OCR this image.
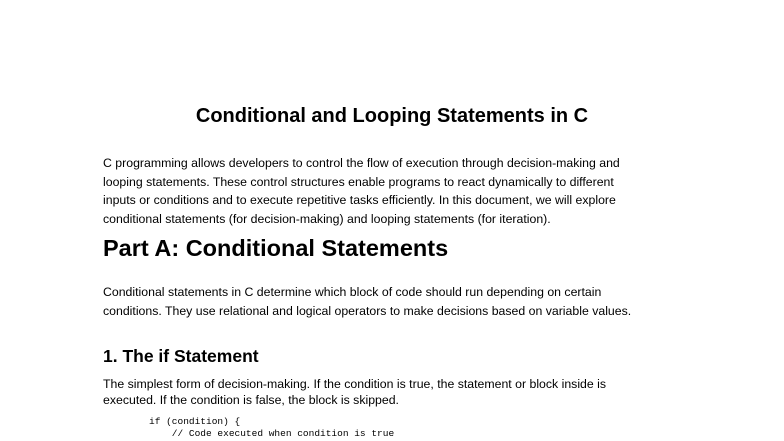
Conditional and Looping Statements in C
C programming allows developers to control the flow of execution through decision-making and
looping statements. These control structures enable programs to react dynamically to different
inputs or conditions and to execute repetitive tasks efficiently. In this document, we will explore
conditional statements (for decision-making) and looping statements (for iteration).
Part A: Conditional Statements
Conditional statements in C determine which block of code should run depending on certain
conditions. They use relational and logical operators to make decisions based on variable values.
1. The if Statement
The simplest form of decision-making. If the condition is true, the statement or block inside is
executed. If the condition is false, the block is skipped.
if (condition) {
// Code executed when condition is true
